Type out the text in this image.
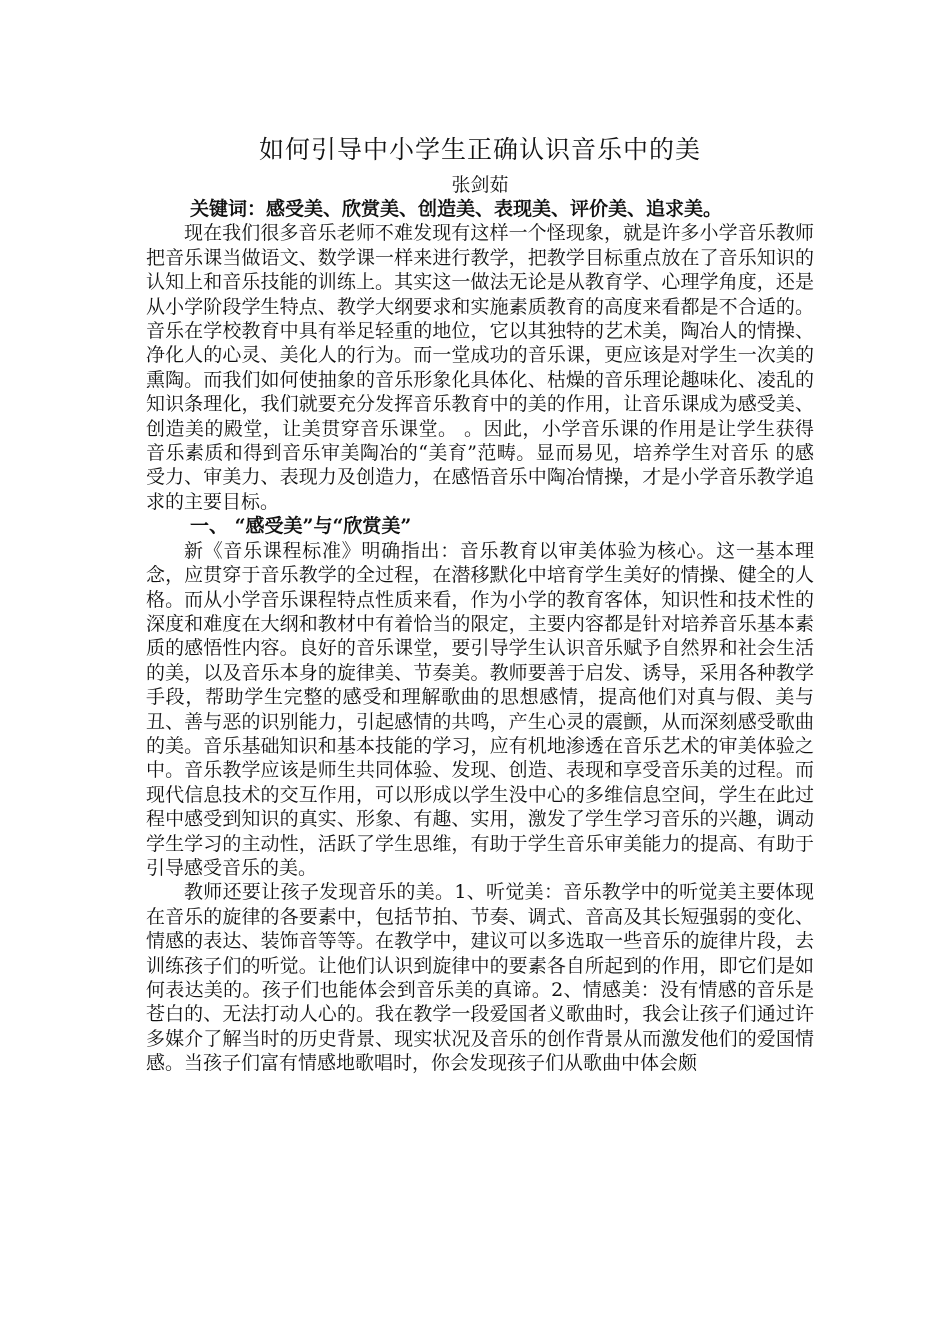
如何引导中小学生正确认识音乐中的美

张剑茹

关键词：感受美、欣赏美、创造美、表现美、评价美、追求美。

现在我们很多音乐老师不难发现有这样一个怪现象，就是许多小学音乐教师把音乐课当做语文、数学课一样来进行教学，把教学目标重点放在了音乐知识的认知上和音乐技能的训练上。其实这一做法无论是从教育学、心理学角度，还是从小学阶段学生特点、教学大纲要求和实施素质教育的高度来看都是不合适的。音乐在学校教育中具有举足轻重的地位，它以其独特的艺术美，陶冶人的情操、净化人的心灵、美化人的行为。而一堂成功的音乐课，更应该是对学生一次美的熏陶。而我们如何使抽象的音乐形象化具体化、枯燥的音乐理论趣味化、凌乱的知识条理化，我们就要充分发挥音乐教育中的美的作用，让音乐课成为感受美、创造美的殿堂，让美贯穿音乐课堂。 。因此，小学音乐课的作用是让学生获得音乐素质和得到音乐审美陶冶的“美育”范畴。显而易见，培养学生对音乐 的感受力、审美力、表现力及创造力，在感悟音乐中陶冶情操，才是小学音乐教学追求的主要目标。

一、 “感受美”与“欣赏美”

新《音乐课程标准》明确指出：音乐教育以审美体验为核心。这一基本理念，应贯穿于音乐教学的全过程，在潜移默化中培育学生美好的情操、健全的人格。而从小学音乐课程特点性质来看，作为小学的教育客体，知识性和技术性的深度和难度在大纲和教材中有着恰当的限定，主要内容都是针对培养音乐基本素质的感悟性内容。良好的音乐课堂，要引导学生认识音乐赋予自然界和社会生活的美，以及音乐本身的旋律美、节奏美。教师要善于启发、诱导，采用各种教学手段，帮助学生完整的感受和理解歌曲的思想感情，提高他们对真与假、美与丑、善与恶的识别能力，引起感情的共鸣，产生心灵的震颤，从而深刻感受歌曲的美。音乐基础知识和基本技能的学习，应有机地渗透在音乐艺术的审美体验之中。音乐教学应该是师生共同体验、发现、创造、表现和享受音乐美的过程。而现代信息技术的交互作用，可以形成以学生没中心的多维信息空间，学生在此过程中感受到知识的真实、形象、有趣、实用，激发了学生学习音乐的兴趣，调动学生学习的主动性，活跃了学生思维，有助于学生音乐审美能力的提高、有助于引导感受音乐的美。

教师还要让孩子发现音乐的美。1、听觉美：音乐教学中的听觉美主要体现在音乐的旋律的各要素中，包括节拍、节奏、调式、音高及其长短强弱的变化、情感的表达、装饰音等等。在教学中，建议可以多选取一些音乐的旋律片段，去训练孩子们的听觉。让他们认识到旋律中的要素各自所起到的作用，即它们是如何表达美的。孩子们也能体会到音乐美的真谛。2、情感美：没有情感的音乐是苍白的、无法打动人心的。我在教学一段爱国者义歌曲时，我会让孩子们通过许多媒介了解当时的历史背景、现实状况及音乐的创作背景从而激发他们的爱国情感。当孩子们富有情感地歌唱时，你会发现孩子们从歌曲中体会颇
